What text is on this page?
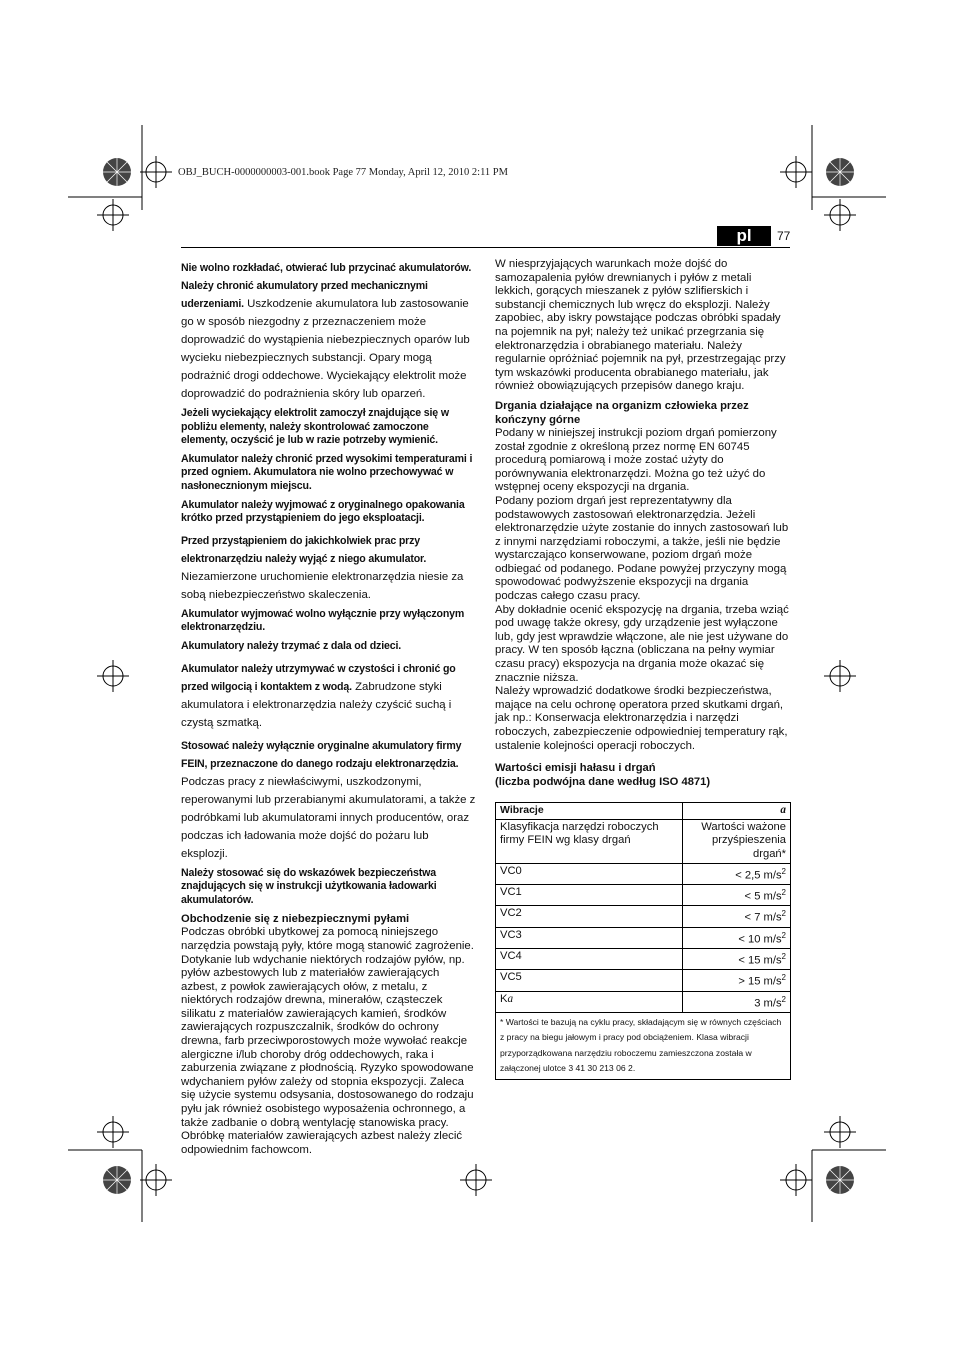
OBJ_BUCH-0000000003-001.book Page 77 Monday, April 12, 2010 2:11 PM
pl	77

Nie wolno rozkładać, otwierać lub przycinać akumulatorów. Należy chronić akumulatory przed mechanicznymi uderzeniami. Uszkodzenie akumulatora lub zastosowanie go w sposób niezgodny z przeznaczeniem może doprowadzić do wystąpienia niebezpiecznych oparów lub wycieku niebezpiecznych substancji. Opary mogą podrażnić drogi oddechowe. Wyciekający elektrolit może doprowadzić do podrażnienia skóry lub oparzeń.

Jeżeli wyciekający elektrolit zamoczył znajdujące się w pobliżu elementy, należy skontrolować zamoczone elementy, oczyścić je lub w razie potrzeby wymienić.

Akumulator należy chronić przed wysokimi temperaturami i przed ogniem. Akumulatora nie wolno przechowywać w nasłonecznionym miejscu.

Akumulator należy wyjmować z oryginalnego opakowania krótko przed przystąpieniem do jego eksploatacji.

Przed przystąpieniem do jakichkolwiek prac przy elektronarzędziu należy wyjąć z niego akumulator. Niezamierzone uruchomienie elektronarzędzia niesie za sobą niebezpieczeństwo skaleczenia.

Akumulator wyjmować wolno wyłącznie przy wyłączonym elektronarzędziu.

Akumulatory należy trzymać z dala od dzieci.

Akumulator należy utrzymywać w czystości i chronić go przed wilgocią i kontaktem z wodą. Zabrudzone styki akumulatora i elektronarzędzia należy czyścić suchą i czystą szmatką.

Stosować należy wyłącznie oryginalne akumulatory firmy FEIN, przeznaczone do danego rodzaju elektronarzędzia. Podczas pracy z niewłaściwymi, uszkodzonymi, reperowanymi lub przerabianymi akumulatorami, a także z podróbkami lub akumulatorami innych producentów, oraz podczas ich ładowania może dojść do pożaru lub eksplozji.

Należy stosować się do wskazówek bezpieczeństwa znajdujących się w instrukcji użytkowania ładowarki akumulatorów.

Obchodzenie się z niebezpiecznymi pyłami

Podczas obróbki ubytkowej za pomocą niniejszego narzędzia powstają pyły, które mogą stanowić zagrożenie.

Dotykanie lub wdychanie niektórych rodzajów pyłów, np. pyłów azbestowych lub z materiałów zawierających azbest, z powłok zawierających ołów, z metalu, z niektórych rodzajów drewna, minerałów, cząsteczek silikatu z materiałów zawierających kamień, środków zawierających rozpuszczalnik, środków do ochrony drewna, farb przeciwporostowych może wywołać reakcje alergiczne i/lub choroby dróg oddechowych, raka i zaburzenia związane z płodnością. Ryzyko spowodowane wdychaniem pyłów zależy od stopnia ekspozycji. Zaleca się użycie systemu odsysania, dostosowanego do rodzaju pyłu jak również osobistego wyposażenia ochronnego, a także zadbanie o dobrą wentylację stanowiska pracy. Obróbkę materiałów zawierających azbest należy zlecić odpowiednim fachowcom.

W niesprzyjających warunkach może dojść do samozapalenia pyłów drewnianych i pyłów z metali lekkich, gorących mieszanek z pyłów szlifierskich i substancji chemicznych lub wręcz do eksplozji. Należy zapobiec, aby iskry powstające podczas obróbki spadały na pojemnik na pył; należy też unikać przegrzania się elektronarzędzia i obrabianego materiału. Należy regularnie opróżniać pojemnik na pył, przestrzegając przy tym wskazówki producenta obrabianego materiału, jak również obowiązujących przepisów danego kraju.

Drgania działające na organizm człowieka przez kończyny górne

Podany w niniejszej instrukcji poziom drgań pomierzony został zgodnie z określoną przez normę EN 60745 procedurą pomiarową i może zostać użyty do porównywania elektronarzędzi. Można go też użyć do wstępnej oceny ekspozycji na drgania.

Podany poziom drgań jest reprezentatywny dla podstawowych zastosowań elektronarzędzia. Jeżeli elektronarzędzie użyte zostanie do innych zastosowań lub z innymi narzędziami roboczymi, a także, jeśli nie będzie wystarczająco konserwowane, poziom drgań może odbiegać od podanego. Podane powyżej przyczyny mogą spowodować podwyższenie ekspozycji na drgania podczas całego czasu pracy.

Aby dokładnie ocenić ekspozycję na drgania, trzeba wziąć pod uwagę także okresy, gdy urządzenie jest wyłączone lub, gdy jest wprawdzie włączone, ale nie jest używane do pracy. W ten sposób łączna (obliczana na pełny wymiar czasu pracy) ekspozycja na drgania może okazać się znacznie niższa.

Należy wprowadzić dodatkowe środki bezpieczeństwa, mające na celu ochronę operatora przed skutkami drgań, jak np.: Konserwacja elektronarzędzia i narzędzi roboczych, zabezpieczenie odpowiedniej temperatury rąk, ustalenie kolejności operacji roboczych.

Wartości emisji hałasu i drgań
(liczba podwójna dane według ISO 4871)

Wibracje	a
Klasyfikacja narzędzi roboczych firmy FEIN wg klasy drgań	Wartości ważone przyśpieszenia drgań*
VC0	< 2,5 $m/s^2$
VC1	< 5 $m/s^2$
VC2	< 7 $m/s^2$
VC3	< 10 $m/s^2$
VC4	< 15 $m/s^2$
VC5	> 15 $m/s^2$
Ka	3 $m/s^2$
* Wartości te bazują na cyklu pracy, składającym się w równych częściach z pracy na biegu jałowym i pracy pod obciążeniem. Klasa wibracji przyporządkowana narzędziu roboczemu zamieszczona została w załączonej ulotce 3 41 30 213 06 2.	
